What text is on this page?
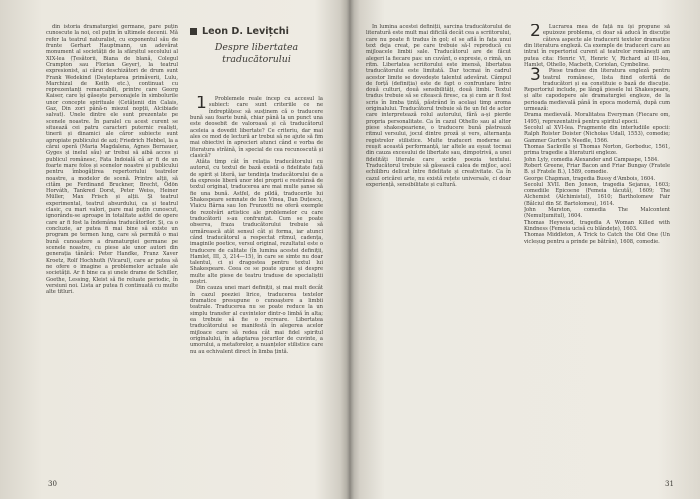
din istoria dramaturgiei germane, pare puțin cunoscute la noi, cel puțin în ultimele decenii. Mă refer la teatrul naturalist, cu exponentul său de frunte Gerhart Hauptmann, un adevărat monument al societății de la sfârșitul secolului al XIX-lea (Țesătorii, Biana de blană, Colegul Crampton sau Florian Geyer), la teatrul expresionist, ai cărui deschizători de drum sunt Frank Wedekind (Deșteptarea primăverii, Lulu, Marchizul de Keith etc.), continuat cu reprezentanți remarcabili, printre care Georg Kaiser, care își găsește personajele în simbolurile unor concepte spirituale (Cetățenii din Calais, Gaz, Din zori până-n miezul nopții, Alcibiade salvat). Unele dintre ele sunt prezentate pe scenele noastre. În paralel cu acest curent se situează cei patru caracteri puternic realiști, tinerii și dinamici ale căror subiecte sunt apropiate publicului de azi; Friedrich Hebbel, la a cărui operă (Maria Magdalena, Agnes Bernauer, Gyges și inelul său) ar trebui să aibă acces și publicul românesc, Fata Indoială că ar fi de un foarte mare folos și scenelor noastre și publicului pentru îmbogățirea repertoriului teatrelor noastre, a modelor de scenă. Printre alții, să cităm pe Ferdinand Bruckner, Brecht, Ödön Horváth, Tankred Dorst, Peter Weiss, Heiner Müller, Max Frisch și alții. Și teatrul experimental, teatrul absurdului, ca și teatrul clasic, cu mari valori, pare mai puțin cunoscut, ignorându-se aproape în totalitate astfel de opere care ar fi fost la îndemâna traducătorilor. Și, ca o concluzie, ar putea fi mai bine să existe un program pe termen lung, care să permită o mai bună cunoaștere a dramaturgiei germane pe scenele noastre, cu piese ale unor autori din generația tânără: Peter Handke, Franz Xaver Kroetz, Rolf Hochhuth (Vicarul), care ar putea să ne ofere o imagine a problemelor actuale ale societății. Ar fi bine ca și unele drame de Schiller, Goethe, Lessing, Kleist să fie reluate periodic, în versiuni noi. Lista ar putea fi continuată cu multe alte titluri.

Leon D. Levițchi
Despre libertatea traducătorului

1 Problemele reale încep cu accesul la subiect: care sunt criteriile ce ne îndreptățesc să susținem că o traducere bună sau foarte bună, chiar până la un punct una este deosebit de valoroasă și că traducătorul aceleia a dovedit libertate? Ce criteriu, dar mai ales ce mod de lectură ar trebui să ne ajute să fim mai obiectivi în aprecieri atunci când e vorba de literatura străină, în special de cea recunoscută și clasică?

Atâta timp cât în relația traducătorului cu autorul, cu textul de bază există o fidelitate față de spirit și literă, iar tendința traducătorului de a da expresie liberă unor idei proprii e restrânsă de textul original, traducerea are mai multe șanse să fie una bună. Astfel, de pildă, traducerile lui Shakespeare semnate de Ion Vinea, Dan Duțescu, Vlaicu Bârna sau Ion Frunzetti ne oferă exemple de rezolvări artistice ale problemelor cu care traducătorii s-au confruntat. Cum se poate observa, fraza traducătorului trebuie să urmărească atât sensul cât și forma, iar atunci când traducătorul a respectat ritmul, cadența, imaginile poetice, versul original, rezultatul este o traducere de calitate (în lumina acestei definiții, Hamlet, III, 3, 214—15), în care se simte nu doar talentul, ci și dragostea pentru textul lui Shakespeare. Ceea ce se poate spune și despre multe alte piese de teatru traduse de specialiștii noștri.

Din cauza unei mari definiții, și mai mult decât în cazul poeziei lirice, traducerea textelor dramatice presupune o cunoaștere a limbii teatrale. Traducerea nu se poate reduce la un simplu transfer al cuvintelor dintr-o limbă în alta; ea trebuie să fie o recreare. Libertatea traducătorului se manifestă în alegerea acelor mijloace care să redea cât mai fidel spiritul originalului, în adaptarea jocurilor de cuvinte, a umorului, a metaforelor, a nuanțelor stilistice care nu au echivalent direct în limba țintă.

30

În lumina acestei definiții, sarcina traducătorului de literatură este mult mai dificilă decât cea a scriitorului, care nu poate fi tradus în gol; el se află în fața unui text deja creat, pe care trebuie să-l reproducă cu mijloacele limbii sale. Traducătorul are de făcut alegeri la fiecare pas: un cuvânt, o expresie, o rimă, un ritm. Libertatea scriitorului este imensă, libertatea traducătorului este limitată. Dar tocmai în cadrul acestor limite se dovedește talentul adevărat. Câmpul de forță (definiția) este de fapt o confruntare între două culturi, două sensibilități, două limbi. Textul tradus trebuie să se citească firesc, ca și cum ar fi fost scris în limba țintă, păstrând în același timp aroma originalului. Traducătorul trebuie să fie un fel de actor care interpretează rolul autorului, fără a-și pierde propria personalitate. Ca în cazul Othello sau al altor piese shakespeariene, o traducere bună păstrează ritmul versului, jocul dintre proză și vers, alternanța registrelor stilistice. Multe traduceri moderne au reușit această performanță, iar altele au eșuat tocmai din cauza excesului de libertate sau, dimpotrivă, a unei fidelități literale care ucide poezia textului. Traducătorul trebuie să găsească calea de mijloc, acel echilibru delicat între fidelitate și creativitate. Ca în cazul oricărei arte, nu există rețete universale, ci doar experiență, sensibilitate și cultură.

2 Lucrarea mea de față nu își propune să epuizeze problema, ci doar să aducă în discuție câteva aspecte ale traducerii textelor dramatice din literatura engleză. Ca exemple de traduceri care au intrat în repertoriul curent al teatrelor românești am putea cita: Henric VI, Henric V, Richard al III-lea, Hamlet, Othello, Macbeth, Coriolan, Cymbeline.

3 Piese traduse din literatura engleză pentru teatrul românesc, lista fiind oferită de traducători și ea constituie o bază de discuție. Repertoriul include, pe lângă piesele lui Shakespeare, și alte capodopere ale dramaturgiei engleze, de la perioada medievală până în epoca modernă, după cum urmează:

Drama medievală. Moralitatea Everyman (Fiecare om, 1495), reprezentativă pentru spiritul epocii.

Secolul al XVI-lea. Fragmente din interludiile epocii: Ralph Roister Doister (Nicholas Udall, 1553), comedie; Gammer Gurton's Needle, 1566.

Thomas Sackville și Thomas Norton, Gorboduc, 1561, prima tragedie a literaturii engleze.

John Lyly, comedia Alexander and Campaspe, 1584.

Robert Greene, Friar Bacon and Friar Bungay (Fratele B. și Fratele B.), 1589, comedie.

George Chapman, tragedia Bussy d'Ambois, 1604.

Secolul XVII. Ben Jonson, tragedia Sejanus, 1603; comediile Epicoene (Femeia tăcută), 1609; The Alchemist (Alchimistul), 1610; Bartholomew Fair (Bâlciul din Sf. Bartolomeu), 1614.

John Marston, comedia The Malcontent (Nemulțumitul), 1604.

Thomas Heywood, tragedia A Woman Killed with Kindness (Femeia ucisă cu blândețe), 1603.

Thomas Middleton, A Trick to Catch the Old One (Un vicleșug pentru a prinde pe bătrân), 1608, comedie.

31
